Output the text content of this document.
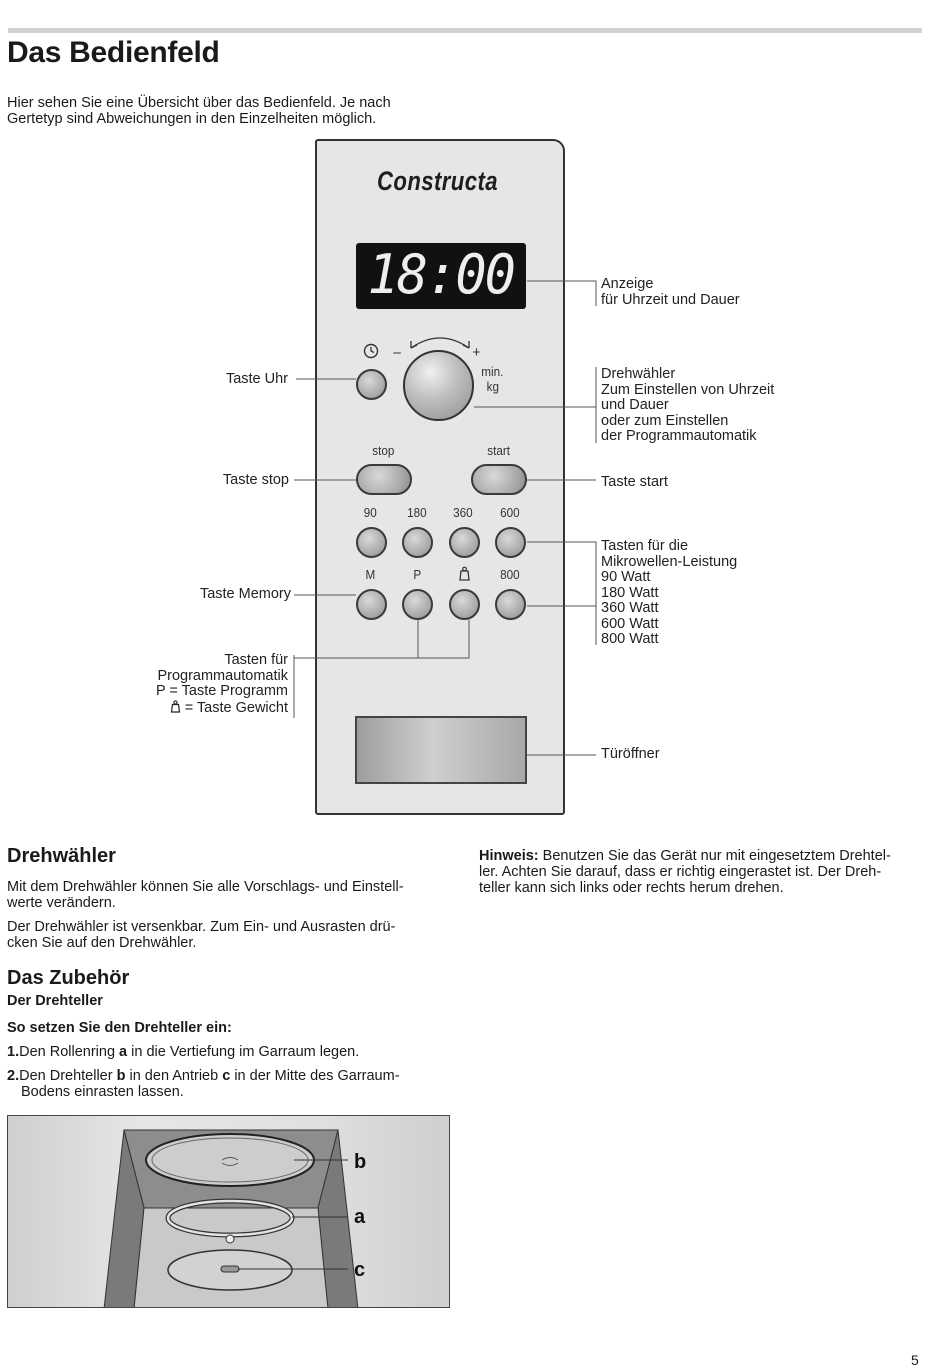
Das Bedienfeld
Hier sehen Sie eine Übersicht über das Bedienfeld. Je nach
Gertetyp sind Abweichungen in den Einzelheiten möglich.
Constructa
18:00
–	+
min.
kg
stop	start
90 180 360 600
M	P	800
Anzeige
für Uhrzeit und Dauer
Taste Uhr	Drehwähler
Zum Einstellen von Uhrzeit
und Dauer
oder zum Einstellen
der Programmautomatik
Taste stop	Taste start
Tasten für die
Mikrowellen-Leistung
90 Watt
180 Watt
360 Watt
600 Watt
800 Watt
Taste Memory
Tasten für
Programmautomatik
P = Taste Programm
= Taste Gewicht
Türöffner
Drehwähler
Mit dem Drehwähler können Sie alle Vorschlags- und Einstell-
werte verändern.
Der Drehwähler ist versenkbar. Zum Ein- und Ausrasten drü-
cken Sie auf den Drehwähler.
Hinweis: Benutzen Sie das Gerät nur mit eingesetztem Drehtel-
ler. Achten Sie darauf, dass er richtig eingerastet ist. Der Dreh-
teller kann sich links oder rechts herum drehen.
Das Zubehör
Der Drehteller
So setzen Sie den Drehteller ein:
1.Den Rollenring a in die Vertiefung im Garraum legen.
2.Den Drehteller b in den Antrieb c in der Mitte des Garraum-
Bodens einrasten lassen.
b
a
c
5
